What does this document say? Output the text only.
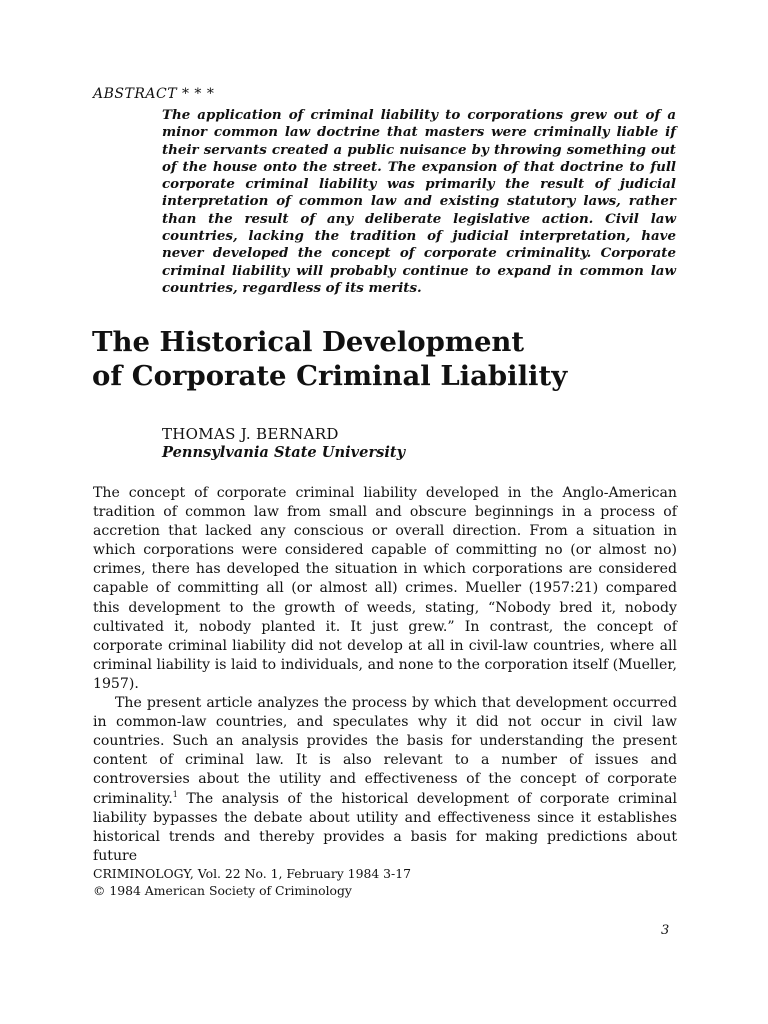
ABSTRACT * * *
The application of criminal liability to corporations grew out of a minor common law doctrine that masters were criminally liable if their servants created a public nuisance by throwing something out of the house onto the street. The expansion of that doctrine to full corporate criminal liability was primarily the result of judicial interpretation of common law and existing statutory laws, rather than the result of any deliberate legislative action. Civil law countries, lacking the tradition of judicial interpretation, have never developed the concept of corporate criminality. Corporate criminal liability will probably continue to expand in common law countries, regardless of its merits.
The Historical Development
of Corporate Criminal Liability
THOMAS J. BERNARD
Pennsylvania State University

The concept of corporate criminal liability developed in the Anglo-American tradition of common law from small and obscure beginnings in a process of accretion that lacked any conscious or overall direction. From a situation in which corporations were considered capable of committing no (or almost no) crimes, there has developed the situation in which corporations are considered capable of committing all (or almost all) crimes. Mueller (1957:21) compared this development to the growth of weeds, stating, “Nobody bred it, nobody cultivated it, nobody planted it. It just grew.” In contrast, the concept of corporate criminal liability did not develop at all in civil-law countries, where all criminal liability is laid to individuals, and none to the corporation itself (Mueller, 1957).

The present article analyzes the process by which that development occurred in common-law countries, and speculates why it did not occur in civil law countries. Such an analysis provides the basis for understanding the present content of criminal law. It is also relevant to a number of issues and controversies about the utility and effectiveness of the concept of corporate criminality.$^1$ The analysis of the historical development of corporate criminal liability bypasses the debate about utility and effectiveness since it establishes historical trends and thereby provides a basis for making predictions about future

CRIMINOLOGY, Vol. 22 No. 1, February 1984 3-17
© 1984 American Society of Criminology
3
